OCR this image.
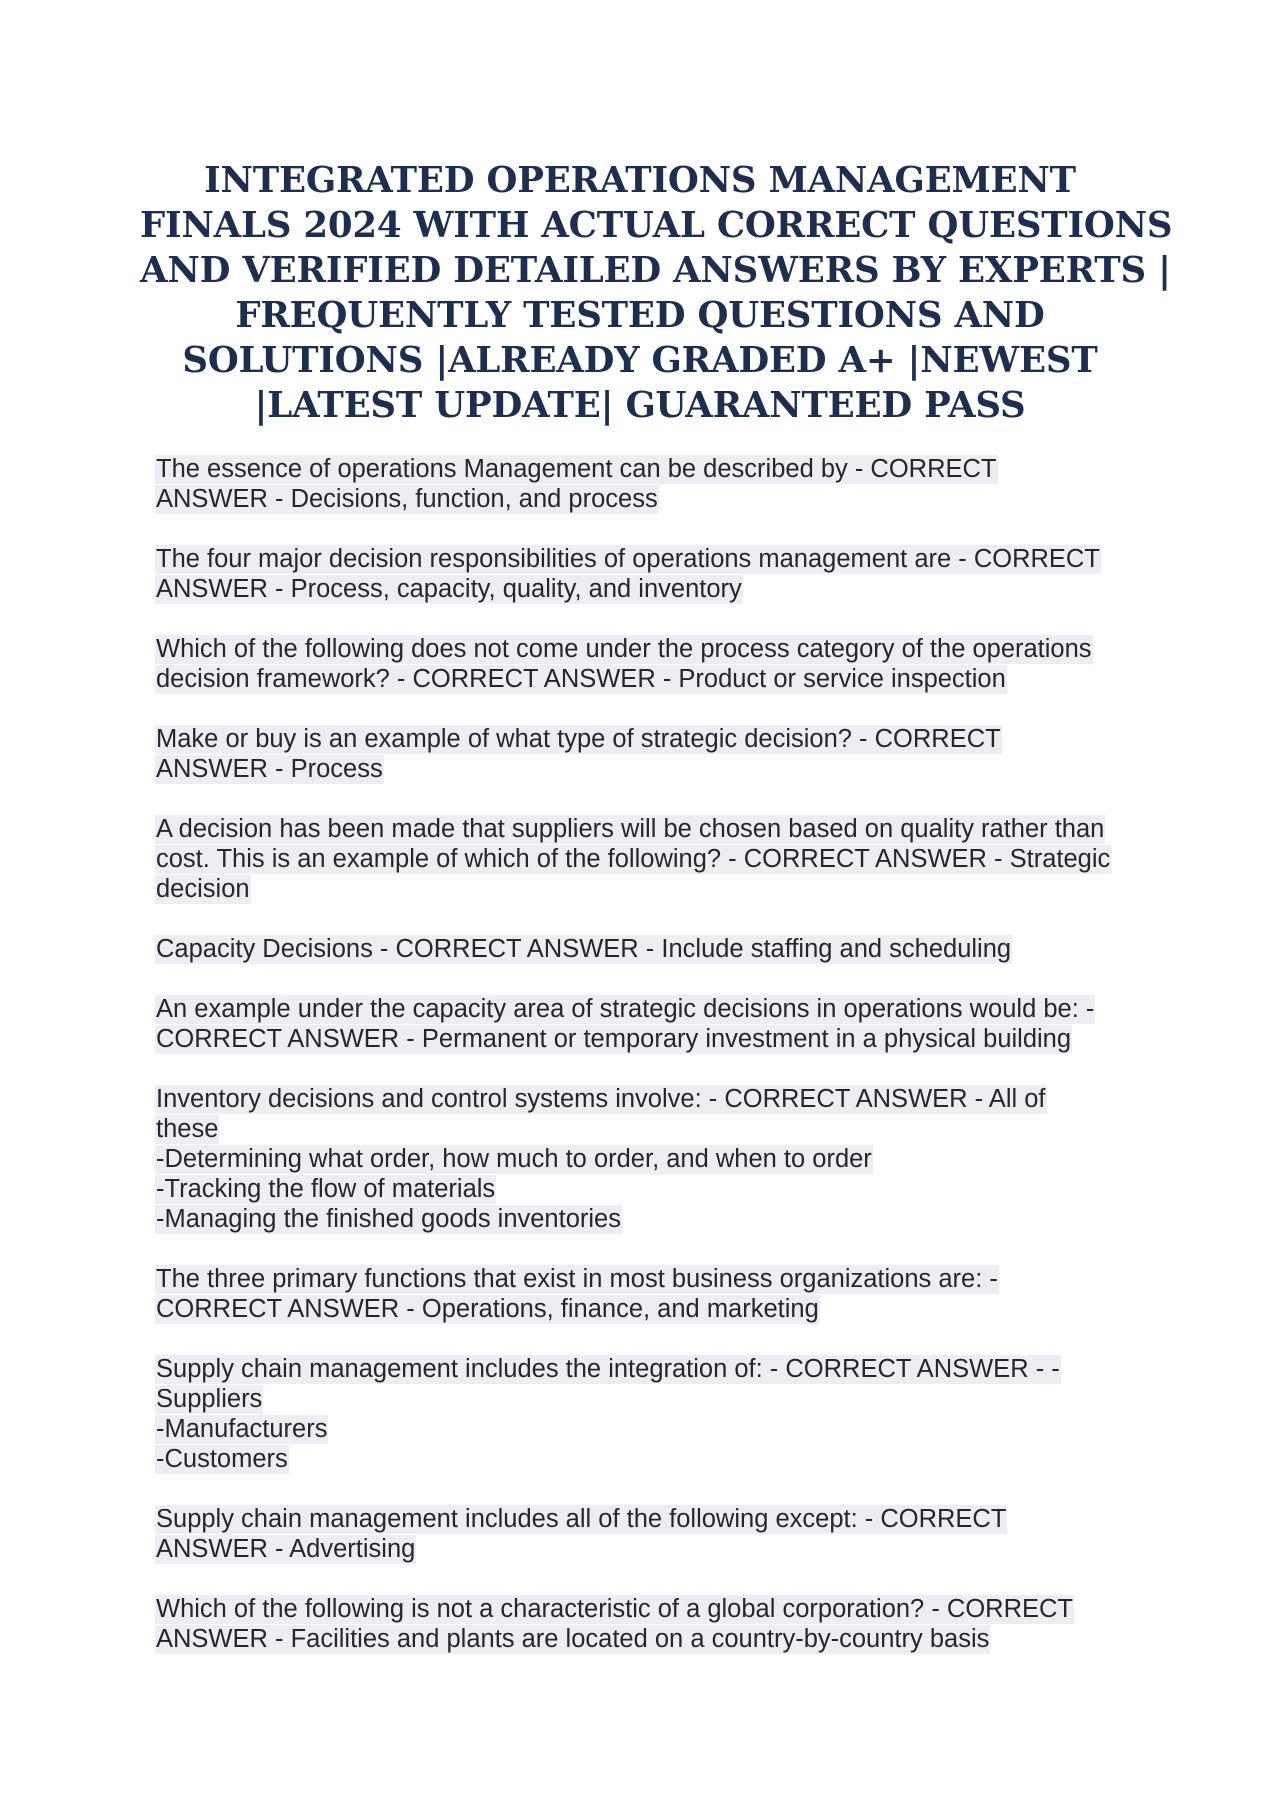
INTEGRATED OPERATIONS MANAGEMENT
FINALS 2024 WITH ACTUAL CORRECT QUESTIONS
AND VERIFIED DETAILED ANSWERS BY EXPERTS |
FREQUENTLY TESTED QUESTIONS AND
SOLUTIONS |ALREADY GRADED A+ |NEWEST
|LATEST UPDATE| GUARANTEED PASS
The essence of operations Management can be described by - CORRECT
ANSWER - Decisions, function, and process
The four major decision responsibilities of operations management are - CORRECT
ANSWER - Process, capacity, quality, and inventory
Which of the following does not come under the process category of the operations
decision framework? - CORRECT ANSWER - Product or service inspection
Make or buy is an example of what type of strategic decision? - CORRECT
ANSWER - Process
A decision has been made that suppliers will be chosen based on quality rather than
cost. This is an example of which of the following? - CORRECT ANSWER - Strategic
decision
Capacity Decisions - CORRECT ANSWER - Include staffing and scheduling
An example under the capacity area of strategic decisions in operations would be: -
CORRECT ANSWER - Permanent or temporary investment in a physical building
Inventory decisions and control systems involve: - CORRECT ANSWER - All of
these
-Determining what order, how much to order, and when to order
-Tracking the flow of materials
-Managing the finished goods inventories
The three primary functions that exist in most business organizations are: -
CORRECT ANSWER - Operations, finance, and marketing
Supply chain management includes the integration of: - CORRECT ANSWER - -
Suppliers
-Manufacturers
-Customers
Supply chain management includes all of the following except: - CORRECT
ANSWER - Advertising
Which of the following is not a characteristic of a global corporation? - CORRECT
ANSWER - Facilities and plants are located on a country-by-country basis
